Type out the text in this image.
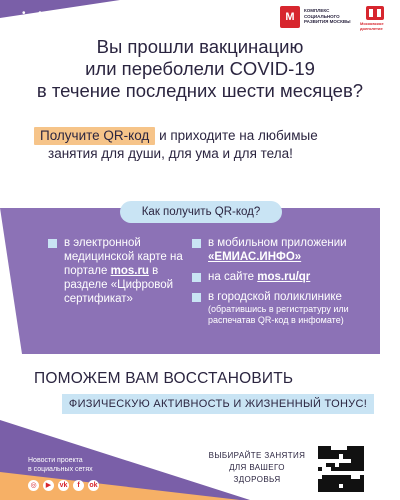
• • • •	M
КОМПЛЕКС СОЦИАЛЬНОГО РАЗВИТИЯ МОСКВЫ	Московское долголетие
Вы прошли вакцинацию
или переболели COVID-19
в течение последних шести месяцев?
Получите QR-код и приходите на любимые
занятия для души, для ума и для тела!
Как получить QR-код?
в электронной медицинской карте на портале mos.ru в разделе «Цифровой сертификат»
в мобильном приложении «ЕМИАС.ИНФО»
на сайте mos.ru/qr
в городской поликлинике
(обратившись в регистратуру или распечатав QR-код в инфомате)
ПОМОЖЕМ ВАМ ВОССТАНОВИТЬ
ФИЗИЧЕСКУЮ АКТИВНОСТЬ И ЖИЗНЕННЫЙ ТОНУС!
Новости проекта
в социальных сетях
◎	▶	vk	f	ok
ВЫБИРАЙТЕ ЗАНЯТИЯ
ДЛЯ ВАШЕГО
ЗДОРОВЬЯ
